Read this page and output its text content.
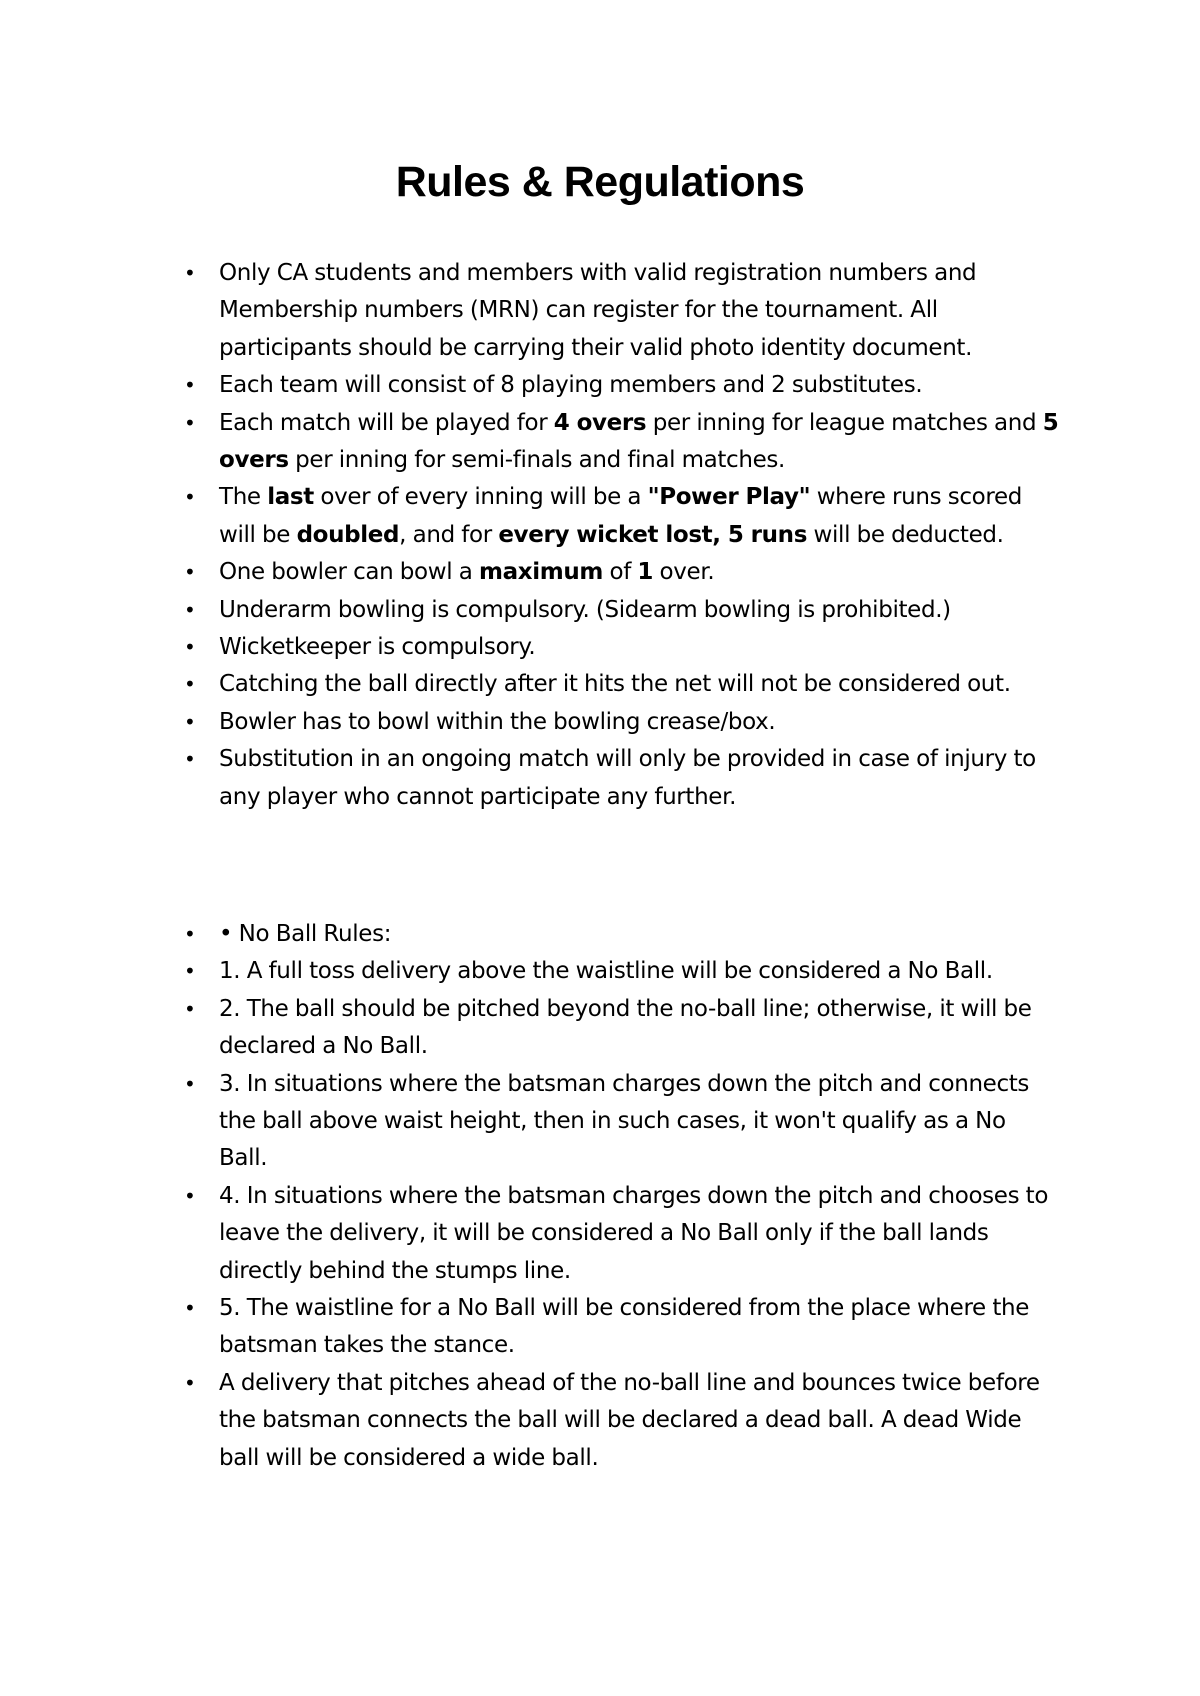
Rules & Regulations
• Only CA students and members with valid registration numbers and Membership numbers (MRN) can register for the tournament. All participants should be carrying their valid photo identity document.
• Each team will consist of 8 playing members and 2 substitutes.
• Each match will be played for 4 overs per inning for league matches and 5 overs per inning for semi-finals and final matches.
• The last over of every inning will be a "Power Play" where runs scored will be doubled, and for every wicket lost, 5 runs will be deducted.
• One bowler can bowl a maximum of 1 over.
• Underarm bowling is compulsory. (Sidearm bowling is prohibited.)
• Wicketkeeper is compulsory.
• Catching the ball directly after it hits the net will not be considered out.
• Bowler has to bowl within the bowling crease/box.
• Substitution in an ongoing match will only be provided in case of injury to any player who cannot participate any further.
• • No Ball Rules:
• 1. A full toss delivery above the waistline will be considered a No Ball.
• 2. The ball should be pitched beyond the no-ball line; otherwise, it will be declared a No Ball.
• 3. In situations where the batsman charges down the pitch and connects the ball above waist height, then in such cases, it won't qualify as a No Ball.
• 4. In situations where the batsman charges down the pitch and chooses to leave the delivery, it will be considered a No Ball only if the ball lands directly behind the stumps line.
• 5. The waistline for a No Ball will be considered from the place where the batsman takes the stance.
• A delivery that pitches ahead of the no-ball line and bounces twice before the batsman connects the ball will be declared a dead ball. A dead Wide ball will be considered a wide ball.
